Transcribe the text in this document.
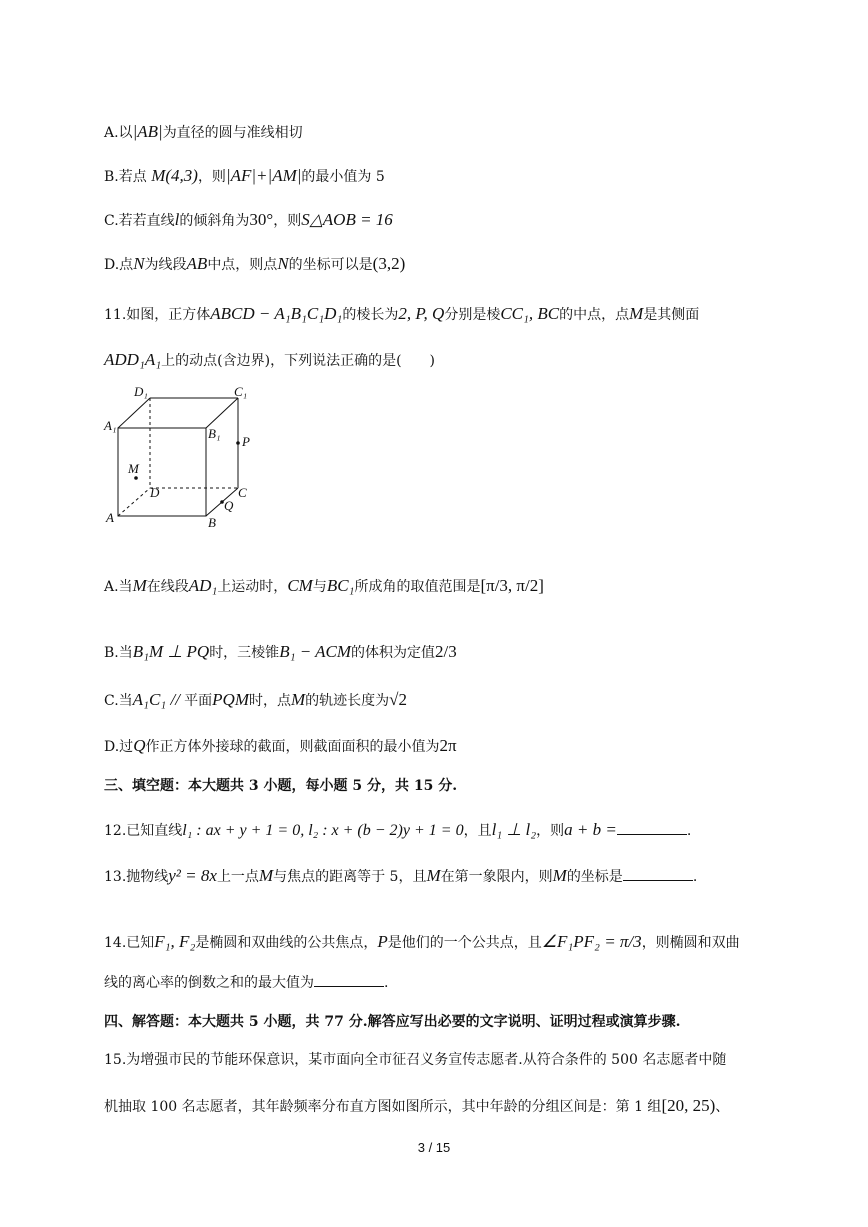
A.以|AB|为直径的圆与准线相切
B.若点 M(4,3)，则|AF|+|AM|的最小值为 5
C.若若直线l的倾斜角为30°，则S△AOB = 16
D.点N为线段AB中点，则点N的坐标可以是(3,2)
11.如图，正方体ABCD − A₁B₁C₁D₁的棱长为2, P, Q分别是棱CC₁, BC的中点，点M是其侧面
ADD₁A₁上的动点(含边界)，下列说法正确的是(　　)
D₁	C₁
A₁
B₁
P
M
D	C
A	B
Q
A.当M在线段AD₁上运动时，CM与BC₁所成角的取值范围是[π/3, π/2]
B.当B₁M ⊥ PQ时，三棱锥B₁ − ACM的体积为定值2/3
C.当A₁C₁ // 平面PQM时，点M的轨迹长度为√2
D.过Q作正方体外接球的截面，则截面面积的最小值为2π
三、填空题：本大题共 3 小题，每小题 5 分，共 15 分.
12.已知直线l₁ : ax + y + 1 = 0, l₂ : x + (b − 2)y + 1 = 0，且l₁ ⊥ l₂，则a + b =	.
13.抛物线y² = 8x上一点M与焦点的距离等于 5，且M在第一象限内，则M的坐标是	.
14.已知F₁, F₂是椭圆和双曲线的公共焦点，P是他们的一个公共点，且∠F₁PF₂ = π/3，则椭圆和双曲
线的离心率的倒数之和的最大值为	.
四、解答题：本大题共 5 小题，共 77 分.解答应写出必要的文字说明、证明过程或演算步骤.
15.为增强市民的节能环保意识，某市面向全市征召义务宣传志愿者.从符合条件的 500 名志愿者中随
机抽取 100 名志愿者，其年龄频率分布直方图如图所示，其中年龄的分组区间是：第 1 组[20, 25)、
3 / 15
